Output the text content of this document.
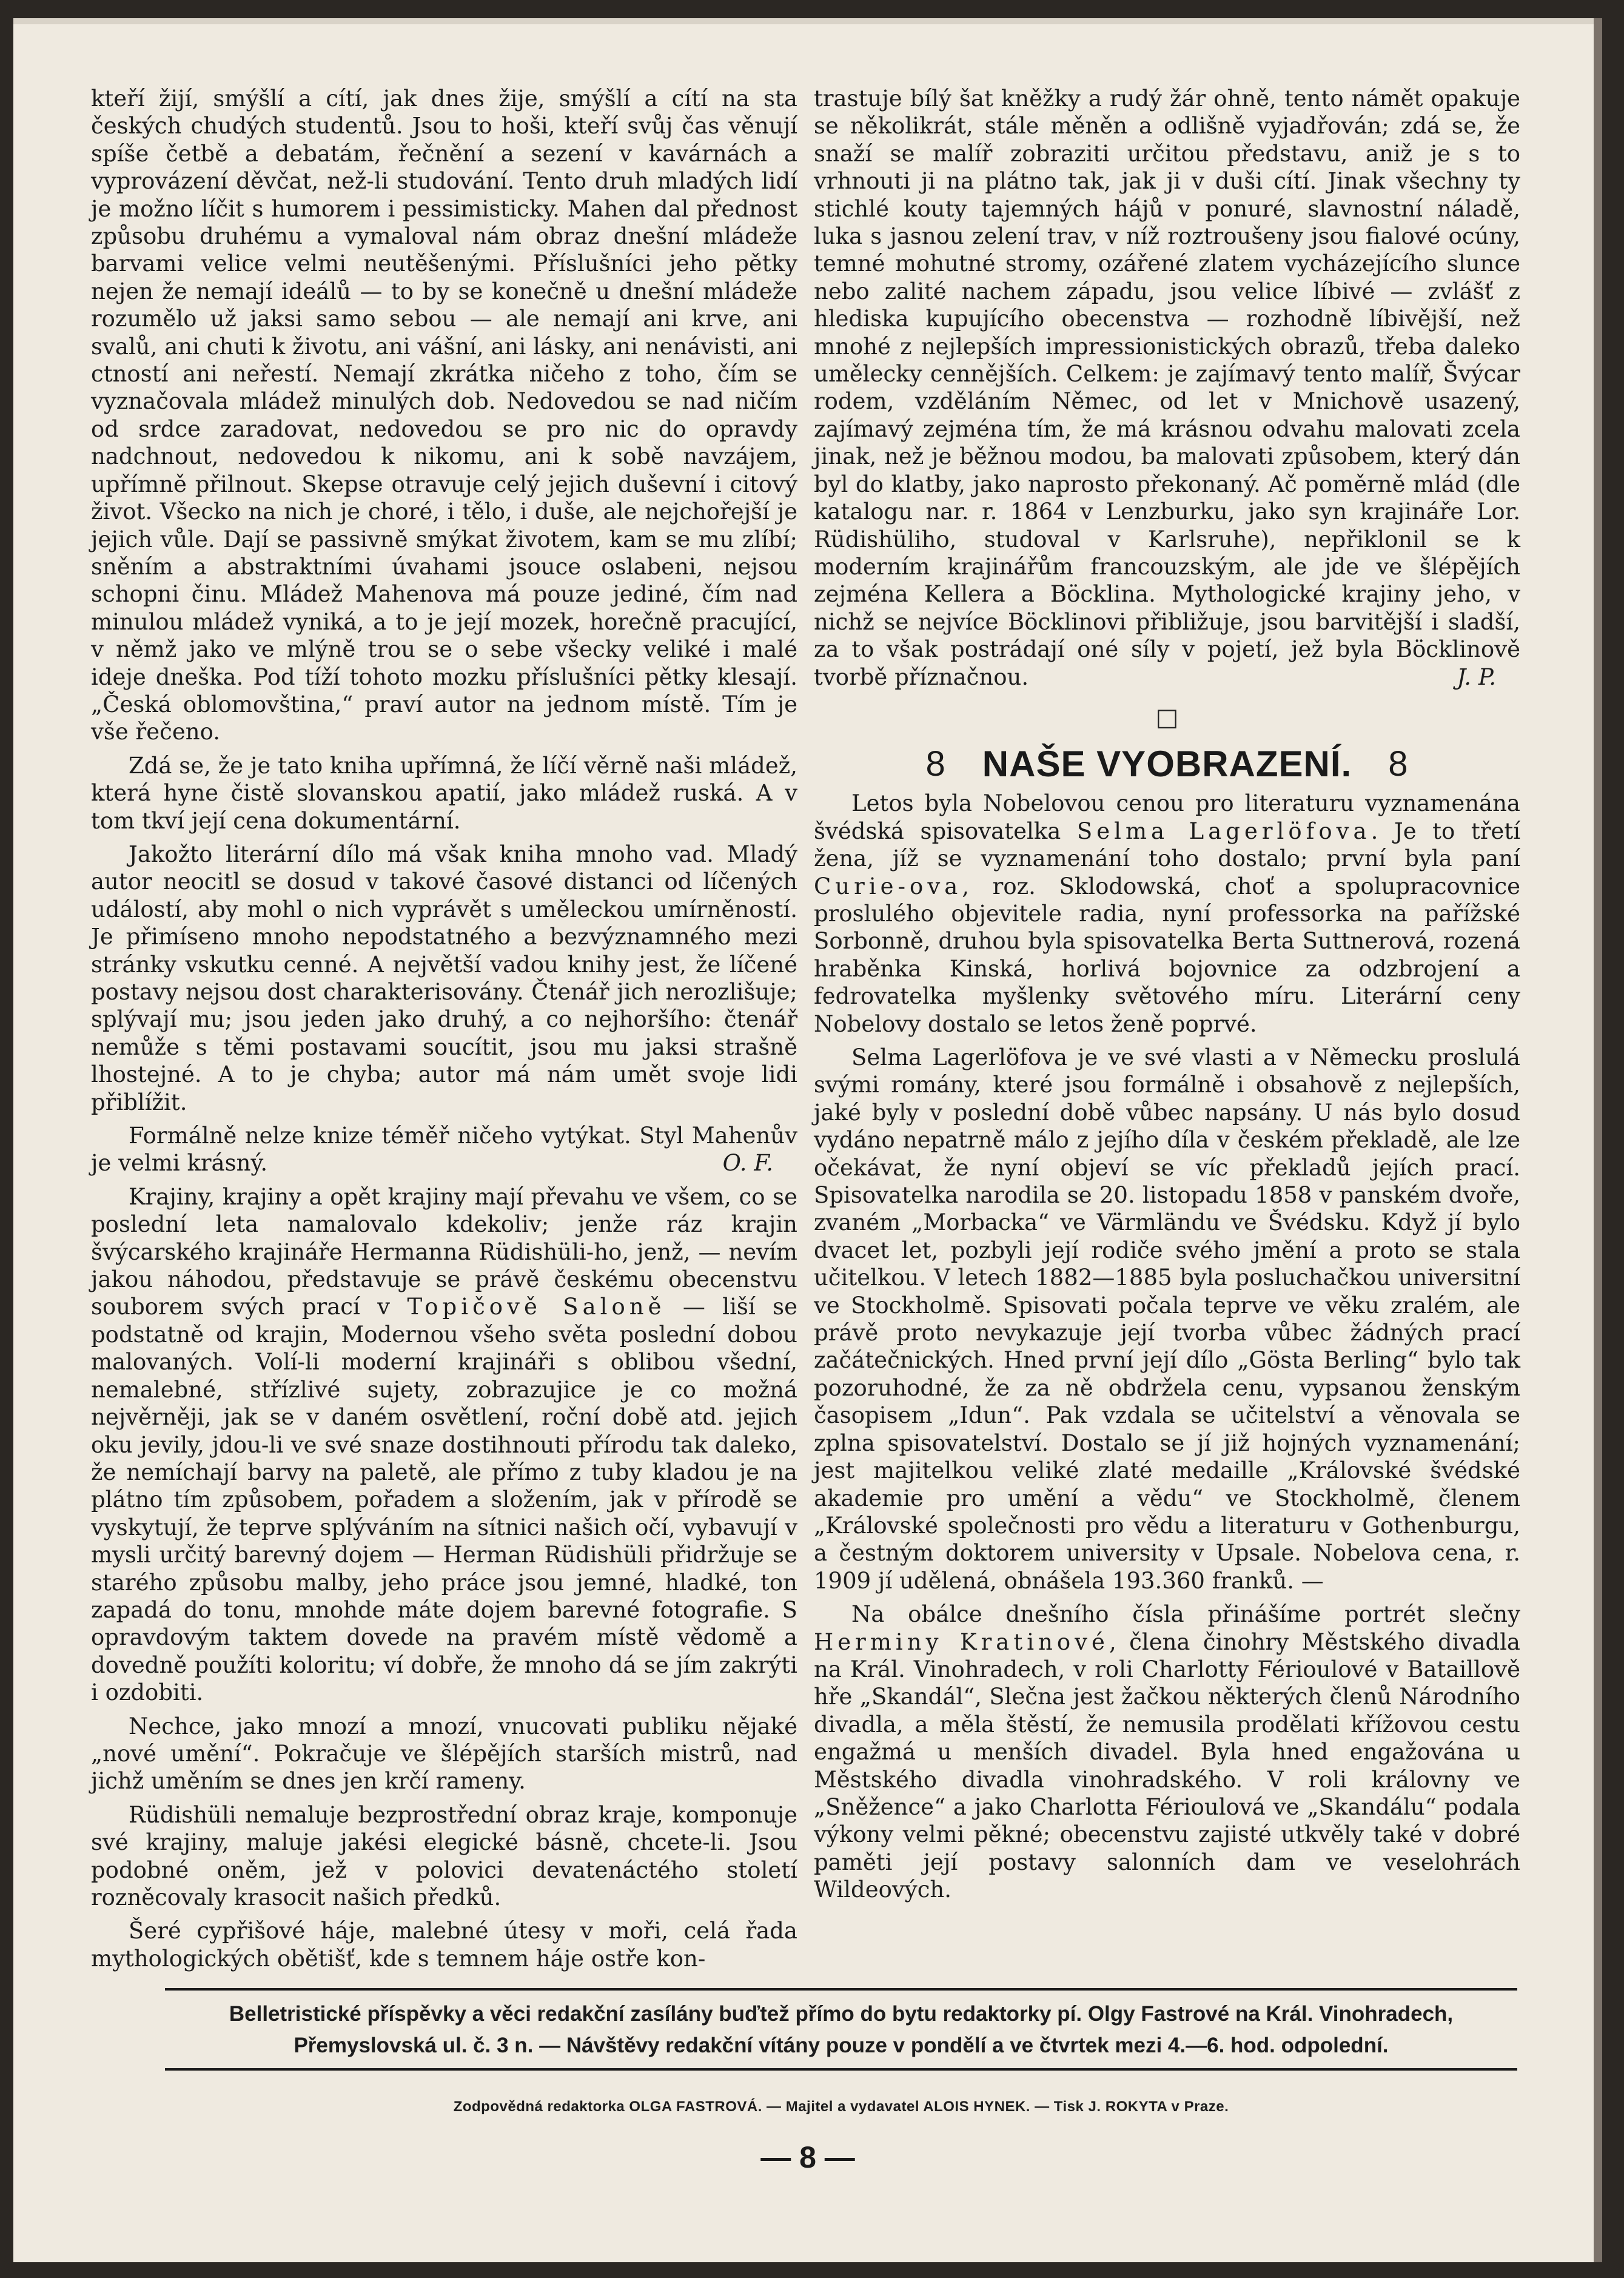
kteří žijí, smýšlí a cítí, jak dnes žije, smýšlí a cítí na sta českých chudých studentů. Jsou to hoši, kteří svůj čas věnují spíše četbě a debatám, řečnění a sezení v kavárnách a vyprovázení děvčat, než-li studování. Tento druh mladých lidí je možno líčit s humorem i pessimisticky. Mahen dal přednost způsobu druhému a vymaloval nám obraz dnešní mládeže barvami velice velmi neutěšenými. Příslušníci jeho pětky nejen že nemají ideálů — to by se konečně u dnešní mládeže rozumělo už jaksi samo sebou — ale nemají ani krve, ani svalů, ani chuti k životu, ani vášní, ani lásky, ani nenávisti, ani ctností ani neřestí. Nemají zkrátka ničeho z toho, čím se vyznačovala mládež minulých dob. Nedovedou se nad ničím od srdce zaradovat, nedovedou se pro nic do opravdy nadchnout, nedovedou k nikomu, ani k sobě navzájem, upřímně přilnout. Skepse otravuje celý jejich duševní i citový život. Všecko na nich je choré, i tělo, i duše, ale nejchořejší je jejich vůle. Dají se passivně smýkat životem, kam se mu zlíbí; sněním a abstraktními úvahami jsouce oslabeni, nejsou schopni činu. Mládež Mahenova má pouze jediné, čím nad minulou mládež vyniká, a to je její mozek, horečně pracující, v němž jako ve mlýně trou se o sebe všecky veliké i malé ideje dneška. Pod tíží tohoto mozku příslušníci pětky klesají. „Česká oblomovština,“ praví autor na jednom místě. Tím je vše řečeno.

Zdá se, že je tato kniha upřímná, že líčí věrně naši mládež, která hyne čistě slovanskou apatií, jako mládež ruská. A v tom tkví její cena dokumentární.

Jakožto literární dílo má však kniha mnoho vad. Mladý autor neocitl se dosud v takové časové distanci od líčených událostí, aby mohl o nich vyprávět s uměleckou umírněností. Je přimíseno mnoho nepodstatného a bezvýznamného mezi stránky vskutku cenné. A největší vadou knihy jest, že líčené postavy nejsou dost charakterisovány. Čtenář jich nerozlišuje; splývají mu; jsou jeden jako druhý, a co nejhoršího: čtenář nemůže s těmi postavami soucítit, jsou mu jaksi strašně lhostejné. A to je chyba; autor má nám umět svoje lidi přiblížit.

Formálně nelze knize téměř ničeho vytýkat. Styl Mahenův je velmi krásný.	O. F.

Krajiny, krajiny a opět krajiny mají převahu ve všem, co se poslední leta namalovalo kdekoliv; jenže ráz krajin švýcarského krajináře Hermanna Rüdishüli-ho, jenž, — nevím jakou náhodou, představuje se právě českému obecenstvu souborem svých prací v Topičově Saloně — liší se podstatně od krajin, Modernou všeho světa poslední dobou malovaných. Volí-li moderní krajináři s oblibou všední, nemalebné, střízlivé sujety, zobrazujice je co možná nejvěrněji, jak se v daném osvětlení, roční době atd. jejich oku jevily, jdou-li ve své snaze dostihnouti přírodu tak daleko, že nemíchají barvy na paletě, ale přímo z tuby kladou je na plátno tím způsobem, pořadem a složením, jak v přírodě se vyskytují, že teprve splýváním na sítnici našich očí, vybavují v mysli určitý barevný dojem — Herman Rüdishüli přidržuje se starého způsobu malby, jeho práce jsou jemné, hladké, ton zapadá do tonu, mnohde máte dojem barevné fotografie. S opravdovým taktem dovede na pravém místě vědomě a dovedně použíti koloritu; ví dobře, že mnoho dá se jím zakrýti i ozdobiti.

Nechce, jako mnozí a mnozí, vnucovati publiku nějaké „nové umění“. Pokračuje ve šlépějích starších mistrů, nad jichž uměním se dnes jen krčí rameny.

Rüdishüli nemaluje bezprostřední obraz kraje, komponuje své krajiny, maluje jakési elegické básně, chcete-li. Jsou podobné oněm, jež v polovici devatenáctého století rozněcovaly krasocit našich předků.

Šeré cypřišové háje, malebné útesy v moři, celá řada mythologických obětišť, kde s temnem háje ostře kon-

trastuje bílý šat kněžky a rudý žár ohně, tento námět opakuje se několikrát, stále měněn a odlišně vyjadřován; zdá se, že snaží se malíř zobraziti určitou představu, aniž je s to vrhnouti ji na plátno tak, jak ji v duši cítí. Jinak všechny ty stichlé kouty tajemných hájů v ponuré, slavnostní náladě, luka s jasnou zelení trav, v níž roztroušeny jsou fialové ocúny, temné mohutné stromy, ozářené zlatem vycházejícího slunce nebo zalité nachem západu, jsou velice líbivé — zvlášť z hlediska kupujícího obecenstva — rozhodně líbivější, než mnohé z nejlepších impressionistických obrazů, třeba daleko umělecky cennějších. Celkem: je zajímavý tento malíř, Švýcar rodem, vzděláním Němec, od let v Mnichově usazený, zajímavý zejména tím, že má krásnou odvahu malovati zcela jinak, než je běžnou modou, ba malovati způsobem, který dán byl do klatby, jako naprosto překonaný. Ač poměrně mlád (dle katalogu nar. r. 1864 v Lenzburku, jako syn krajináře Lor. Rüdishüliho, studoval v Karlsruhe), nepřiklonil se k moderním krajinářům francouzským, ale jde ve šlépějích zejména Kellera a Böcklina. Mythologické krajiny jeho, v nichž se nejvíce Böcklinovi přibližuje, jsou barvitější i sladší, za to však postrádají oné síly v pojetí, jež byla Böcklinově tvorbě příznačnou.	J. P.

□
8 NAŠE VYOBRAZENÍ. 8

Letos byla Nobelovou cenou pro literaturu vyznamenána švédská spisovatelka Selma Lagerlöfova. Je to třetí žena, jíž se vyznamenání toho dostalo; první byla paní Curie-ova, roz. Sklodowská, choť a spolupracovnice proslulého objevitele radia, nyní professorka na pařížské Sorbonně, druhou byla spisovatelka Berta Suttnerová, rozená hraběnka Kinská, horlivá bojovnice za odzbrojení a fedrovatelka myšlenky světového míru. Literární ceny Nobelovy dostalo se letos ženě poprvé.

Selma Lagerlöfova je ve své vlasti a v Německu proslulá svými romány, které jsou formálně i obsahově z nejlepších, jaké byly v poslední době vůbec napsány. U nás bylo dosud vydáno nepatrně málo z jejího díla v českém překladě, ale lze očekávat, že nyní objeví se víc překladů jejích prací. Spisovatelka narodila se 20. listopadu 1858 v panském dvoře, zvaném „Morbacka“ ve Värmländu ve Švédsku. Když jí bylo dvacet let, pozbyli její rodiče svého jmění a proto se stala učitelkou. V letech 1882—1885 byla posluchačkou universitní ve Stockholmě. Spisovati počala teprve ve věku zralém, ale právě proto nevykazuje její tvorba vůbec žádných prací začátečnických. Hned první její dílo „Gösta Berling“ bylo tak pozoruhodné, že za ně obdržela cenu, vypsanou ženským časopisem „Idun“. Pak vzdala se učitelství a věnovala se zplna spisovatelství. Dostalo se jí již hojných vyznamenání; jest majitelkou veliké zlaté medaille „Královské švédské akademie pro umění a vědu“ ve Stockholmě, členem „Královské společnosti pro vědu a literaturu v Gothenburgu, a čestným doktorem university v Upsale. Nobelova cena, r. 1909 jí udělená, obnášela 193.360 franků. —

Na obálce dnešního čísla přinášíme portrét slečny Herminy Kratinové, člena činohry Městského divadla na Král. Vinohradech, v roli Charlotty Férioulové v Bataillově hře „Skandál“, Slečna jest žačkou některých členů Národního divadla, a měla štěstí, že nemusila prodělati křížovou cestu engažmá u menších divadel. Byla hned engažována u Městského divadla vinohradského. V roli královny ve „Sněžence“ a jako Charlotta Férioulová ve „Skandálu“ podala výkony velmi pěkné; obecenstvu zajisté utkvěly také v dobré paměti její postavy salonních dam ve veselohrách Wildeových.

Belletristické příspěvky a věci redakční zasílány buďtež přímo do bytu redaktorky pí. Olgy Fastrové na Král. Vinohradech,
Přemyslovská ul. č. 3 n. — Návštěvy redakční vítány pouze v pondělí a ve čtvrtek mezi 4.—6. hod. odpolední.
Zodpovědná redaktorka OLGA FASTROVÁ. — Majitel a vydavatel ALOIS HYNEK. — Tisk J. ROKYTA v Praze.
— 8 —
